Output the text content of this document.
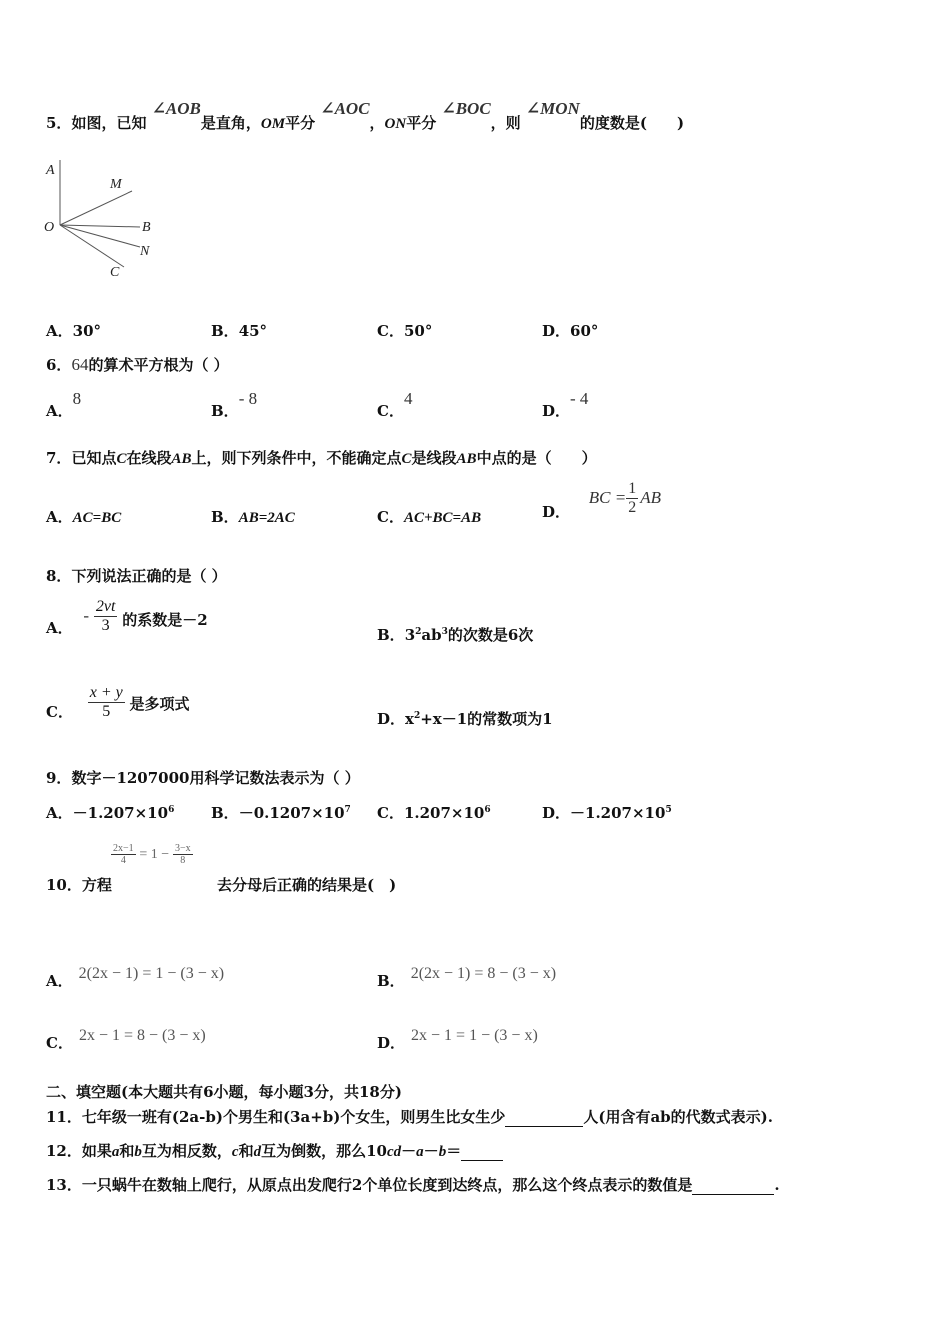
5．如图，已知 ∠AOB是直角，OM平分 ∠AOC，ON平分 ∠BOC，则 ∠MON的度数是(　　)
A
M
O	B
N
C
A．30°	B．45°	C．50°	D．60°
6．64的算术平方根为（ ）
A．8
B．- 8
C．4
D．- 4
7．已知点C在线段AB上，则下列条件中，不能确定点C是线段AB中点的是（　　）
A．AC=BC	B．AB=2AC	C．AC+BC=AB	D． BC = $\frac{1}{2}$ AB
8．下列说法正确的是（ ）
A． - $\frac{2vt}{3}$ 的系数是－2
B．$3^2ab^3$的次数是6次
C． $\frac{x + y}{5}$ 是多项式
D．$x^2+x-1$的常数项为1
9．数字－1207000用科学记数法表示为（ ）
A．$-1.207\times 10^6$ B．$-0.1207\times 10^7$ C．$1.207\times 10^6$	D．$-1.207\times 10^5$
$\frac{2x-1}{4} = 1 - \frac{3-x}{8}$
10．方程	去分母后正确的结果是(　)
A． 2(2x − 1) = 1 − (3 − x)	B． 2(2x − 1) = 8 − (3 − x)
C． 2x − 1 = 8 − (3 − x)	D． 2x − 1 = 1 − (3 − x)
二、填空题(本大题共有6小题，每小题3分，共18分)
11．七年级一班有(2a-b)个男生和(3a+b)个女生，则男生比女生少	人(用含有ab的代数式表示).
12．如果a和b互为相反数，c和d互为倒数，那么10cd－a－b＝
13．一只蜗牛在数轴上爬行，从原点出发爬行2个单位长度到达终点，那么这个终点表示的数值是	.
